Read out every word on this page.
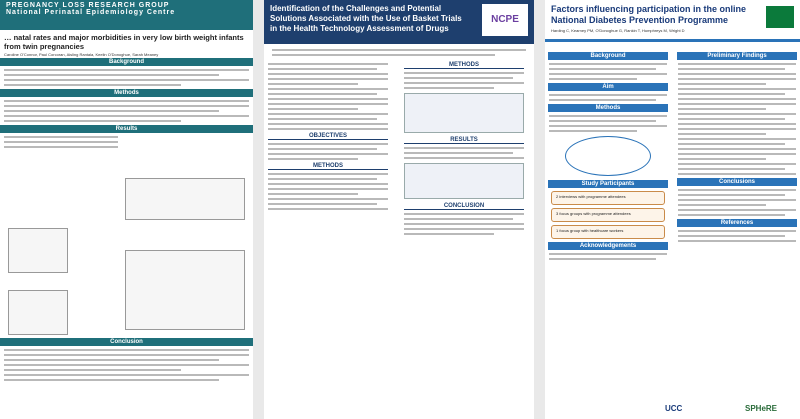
PREGNANCY LOSS RESEARCH GROUP
National Perinatal Epidemiology Centre
… natal rates and major morbidities in very low birth weight infants from twin pregnancies
Caroline O'Connor, Paul Corcoran, Aisling Rantala, Keelin O'Donoghue, Sarah Meaney
Background
Methods
Results
Conclusion
Identification of the Challenges and Potential Solutions Associated with the Use of Basket Trials in the Health Technology Assessment of Drugs
NCPE
OBJECTIVES
METHODS
METHODS
RESULTS
CONCLUSION
Factors influencing participation in the online National Diabetes Prevention Programme
Harding C, Kearney PM, O'Donoghue G, Rankin T, Humphreys M, Wright D
Background
Aim
Methods
Study Participants
2 interviews with programme attendees
3 focus groups with programme attendees
1 focus group with healthcare workers
Acknowledgements
Preliminary Findings
Conclusions
References
UCC	SPHeRE
